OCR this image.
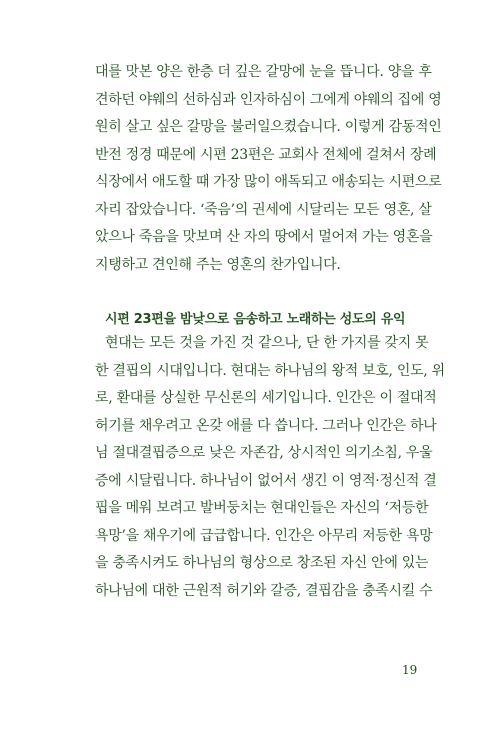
대를 맛본 양은 한층 더 깊은 갈망에 눈을 뜹니다. 양을 후
견하던 야웨의 선하심과 인자하심이 그에게 야웨의 집에 영
원히 살고 싶은 갈망을 불러일으켰습니다. 이렇게 감동적인
반전 정경 때문에 시편 23편은 교회사 전체에 걸쳐서 장례
식장에서 애도할 때 가장 많이 애독되고 애송되는 시편으로
자리 잡았습니다. ‘죽음’의 권세에 시달리는 모든 영혼, 살
았으나 죽음을 맛보며 산 자의 땅에서 멀어져 가는 영혼을
지탱하고 견인해 주는 영혼의 찬가입니다.
시편 23편을 밤낮으로 음송하고 노래하는 성도의 유익
현대는 모든 것을 가진 것 같으나, 단 한 가지를 갖지 못
한 결핍의 시대입니다. 현대는 하나님의 왕적 보호, 인도, 위
로, 환대를 상실한 무신론의 세기입니다. 인간은 이 절대적
허기를 채우려고 온갖 애를 다 씁니다. 그러나 인간은 하나
님 절대결핍증으로 낮은 자존감, 상시적인 의기소침, 우울
증에 시달립니다. 하나님이 없어서 생긴 이 영적·정신적 결
핍을 메워 보려고 발버둥치는 현대인들은 자신의 ‘저등한
욕망’을 채우기에 급급합니다. 인간은 아무리 저등한 욕망
을 충족시켜도 하나님의 형상으로 창조된 자신 안에 있는
하나님에 대한 근원적 허기와 갈증, 결핍감을 충족시킬 수
19
